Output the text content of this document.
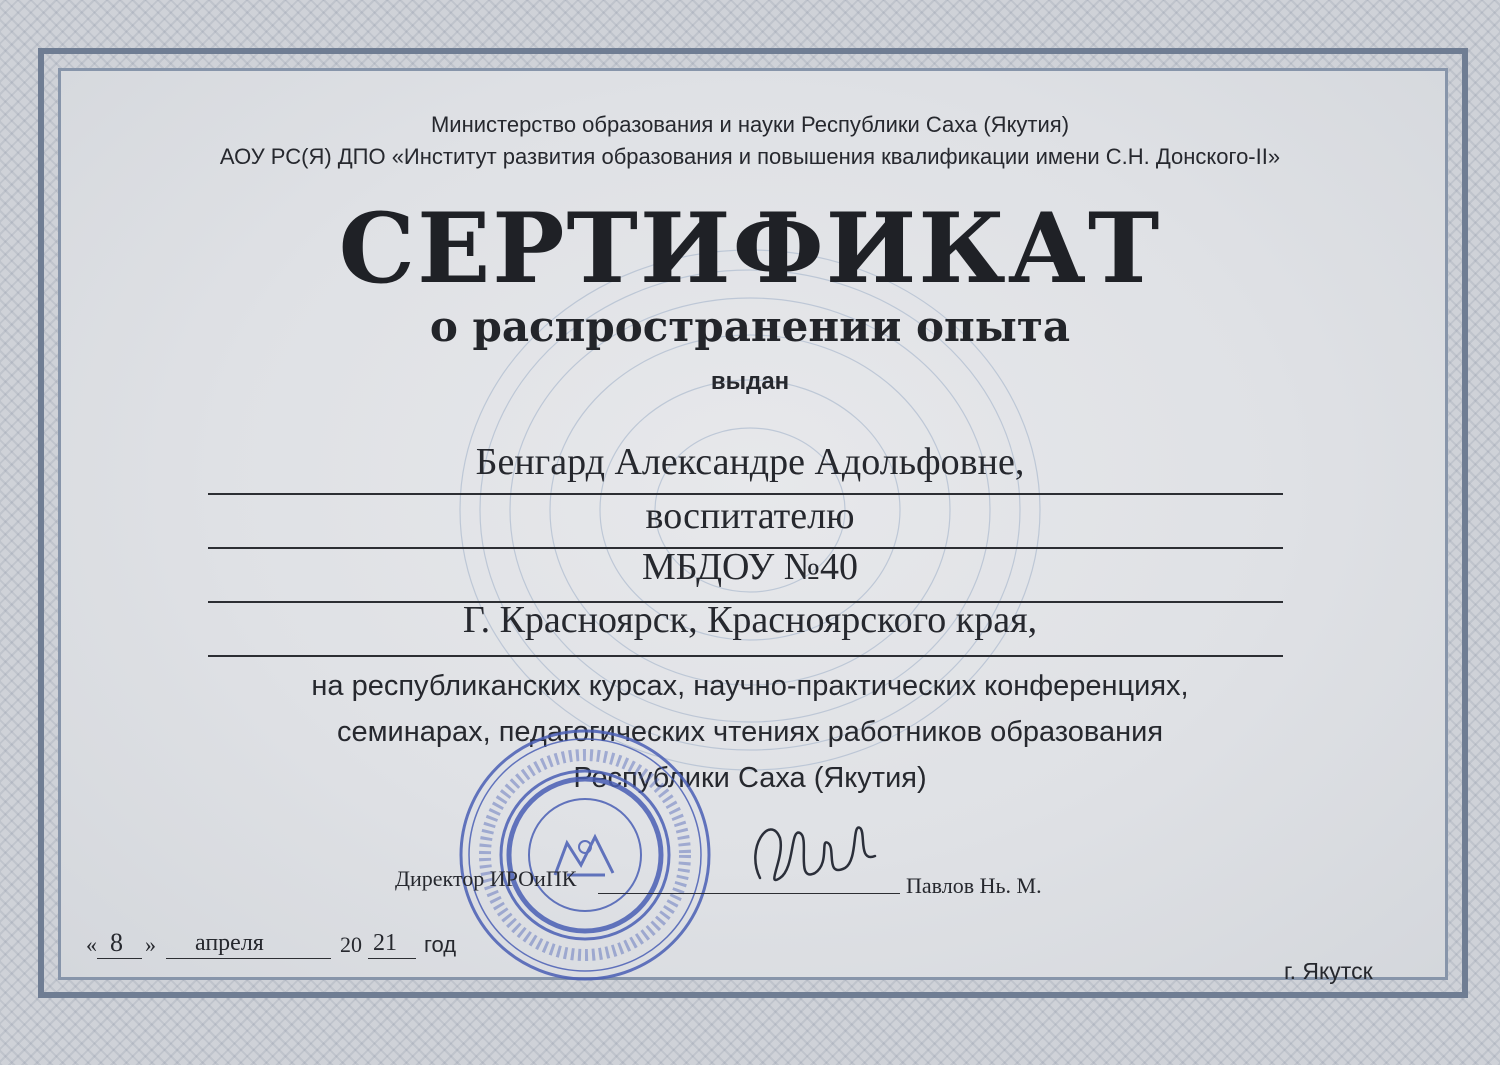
Министерство образования и науки Республики Саха (Якутия)
АОУ РС(Я) ДПО «Институт развития образования и повышения квалификации имени С.Н. Донского-II»
СЕРТИФИКАТ
о распространении опыта
выдан
Бенгард Александре Адольфовне,
воспитателю
МБДОУ №40
Г. Красноярск, Красноярского края,
на республиканских курсах, научно-практических конференциях,
семинарах, педагогических чтениях работников образования
Республики Саха (Якутия)
Директор ИРОиПК	Павлов Нь. М.
« 8 » апреля	20 21 год
г. Якутск
